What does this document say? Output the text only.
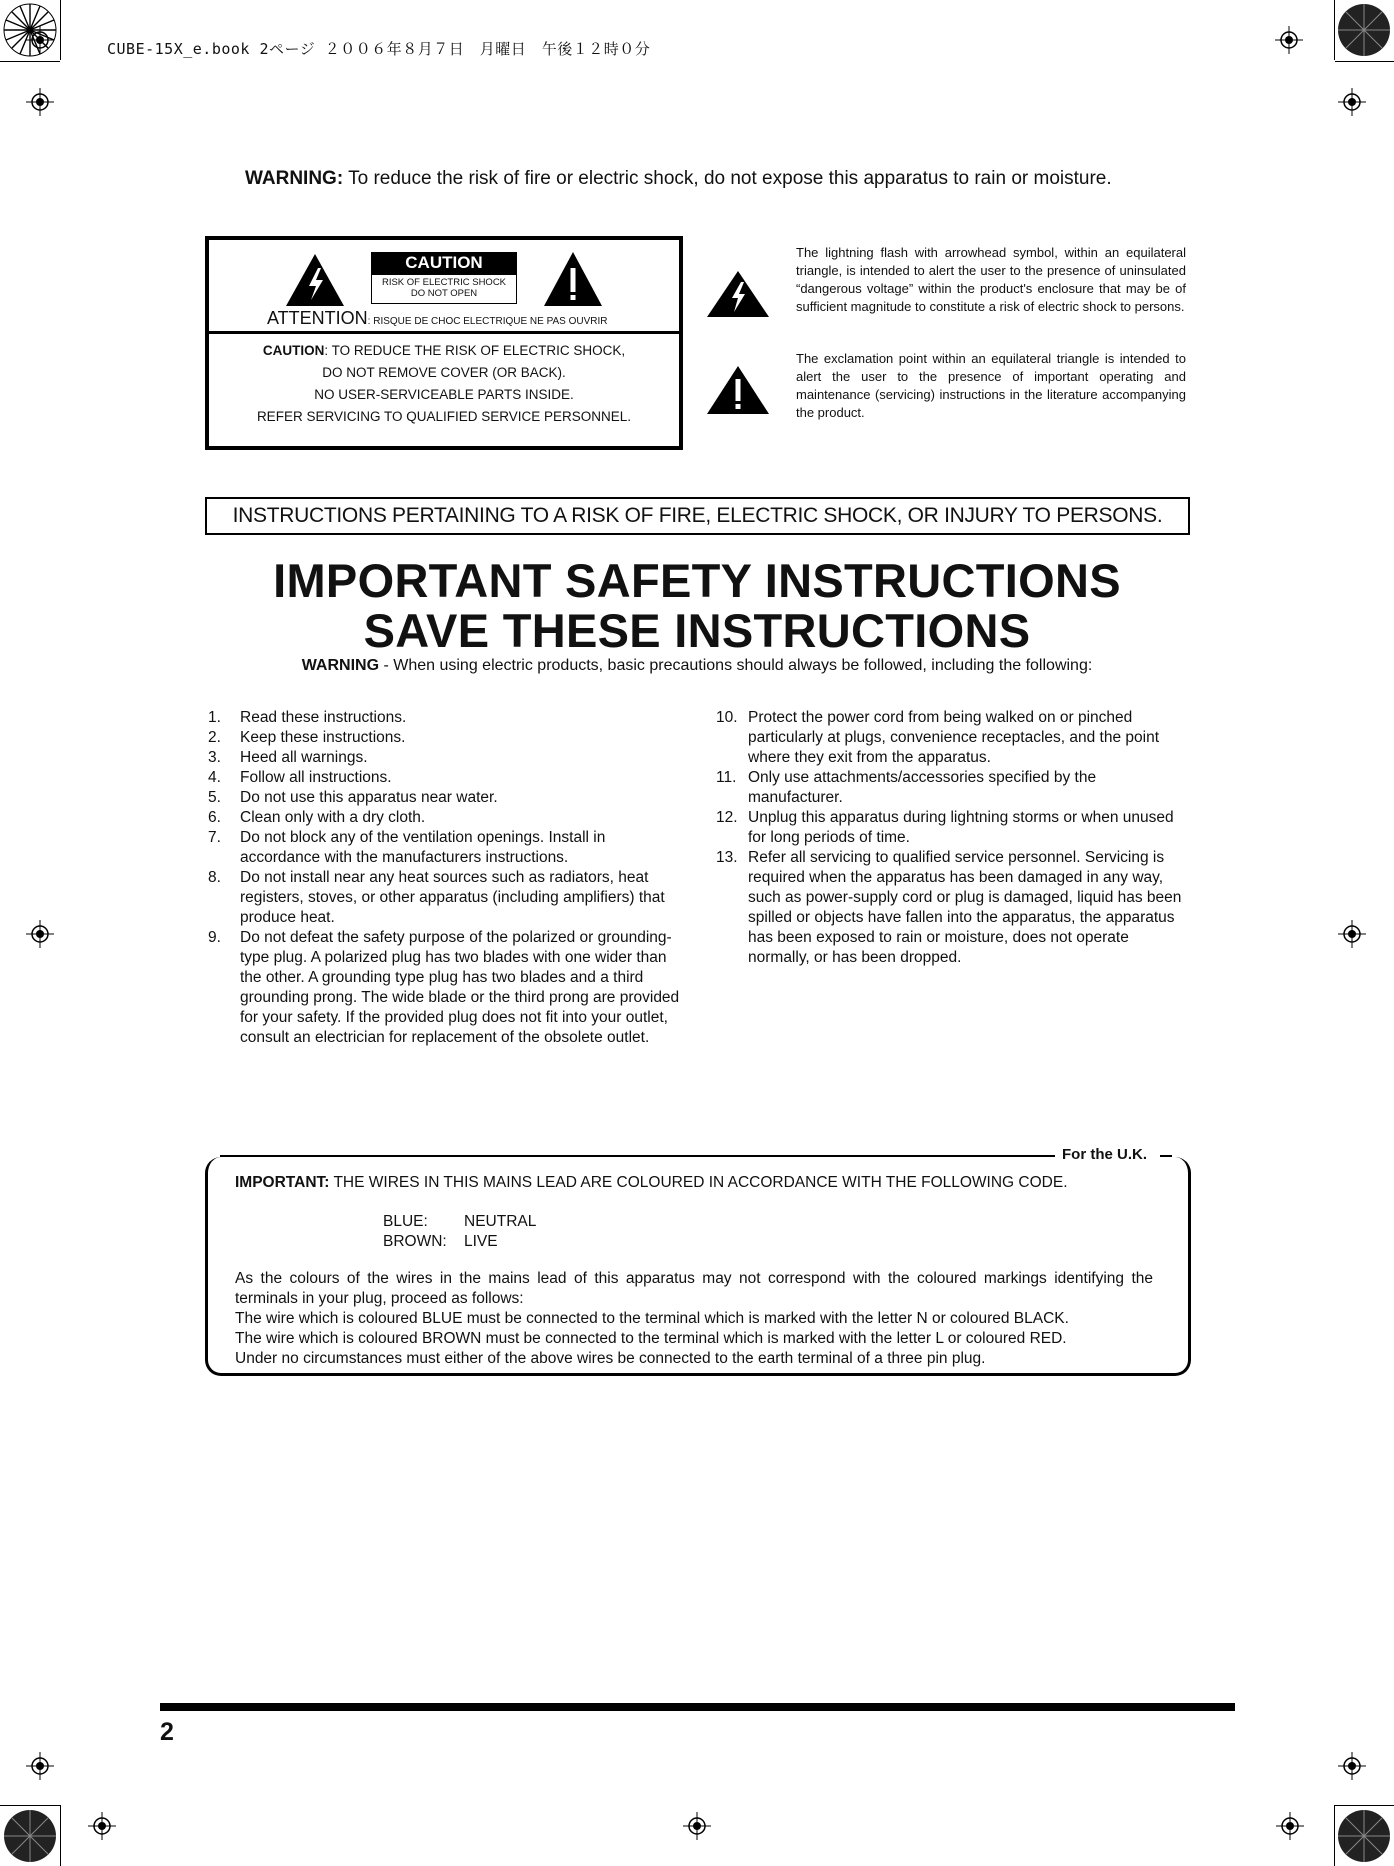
CUBE-15X_e.book 2ページ ２００６年８月７日　月曜日　午後１２時０分
WARNING: To reduce the risk of fire or electric shock, do not expose this apparatus to rain or moisture.
CAUTION
RISK OF ELECTRIC SHOCK
DO NOT OPEN
ATTENTION: RISQUE DE CHOC ELECTRIQUE NE PAS OUVRIR
CAUTION: TO REDUCE THE RISK OF ELECTRIC SHOCK,
DO NOT REMOVE COVER (OR BACK).
NO USER-SERVICEABLE PARTS INSIDE.
REFER SERVICING TO QUALIFIED SERVICE PERSONNEL.
The lightning flash with arrowhead symbol, within an equilateral triangle, is intended to alert the user to the presence of uninsulated “dangerous voltage” within the product's enclosure that may be of sufficient magnitude to constitute a risk of electric shock to persons.
The exclamation point within an equilateral triangle is intended to alert the user to the presence of important operating and maintenance (servicing) instructions in the literature accompanying the product.
INSTRUCTIONS PERTAINING TO A RISK OF FIRE, ELECTRIC SHOCK, OR INJURY TO PERSONS.
IMPORTANT SAFETY INSTRUCTIONS
SAVE THESE INSTRUCTIONS
WARNING - When using electric products, basic precautions should always be followed, including the following:
1.	Read these instructions.
2.	Keep these instructions.
3.	Heed all warnings.
4.	Follow all instructions.
5.	Do not use this apparatus near water.
6.	Clean only with a dry cloth.
7.	Do not block any of the ventilation openings. Install in accordance with the manufacturers instructions.
8.	Do not install near any heat sources such as radiators, heat registers, stoves, or other apparatus (including amplifiers) that produce heat.
9.	Do not defeat the safety purpose of the polarized or grounding-type plug. A polarized plug has two blades with one wider than the other. A grounding type plug has two blades and a third grounding prong. The wide blade or the third prong are provided for your safety. If the provided plug does not fit into your outlet, consult an electrician for replacement of the obsolete outlet.
10. Protect the power cord from being walked on or pinched particularly at plugs, convenience receptacles, and the point where they exit from the apparatus.
11. Only use attachments/accessories specified by the manufacturer.
12. Unplug this apparatus during lightning storms or when unused for long periods of time.
13. Refer all servicing to qualified service personnel. Servicing is required when the apparatus has been damaged in any way, such as power-supply cord or plug is damaged, liquid has been spilled or objects have fallen into the apparatus, the apparatus has been exposed to rain or moisture, does not operate normally, or has been dropped.
For the U.K.
IMPORTANT: THE WIRES IN THIS MAINS LEAD ARE COLOURED IN ACCORDANCE WITH THE FOLLOWING CODE.
BLUE: NEUTRAL
BROWN: LIVE
As the colours of the wires in the mains lead of this apparatus may not correspond with the coloured markings identifying the terminals in your plug, proceed as follows:
The wire which is coloured BLUE must be connected to the terminal which is marked with the letter N or coloured BLACK.
The wire which is coloured BROWN must be connected to the terminal which is marked with the letter L or coloured RED.
Under no circumstances must either of the above wires be connected to the earth terminal of a three pin plug.
2
